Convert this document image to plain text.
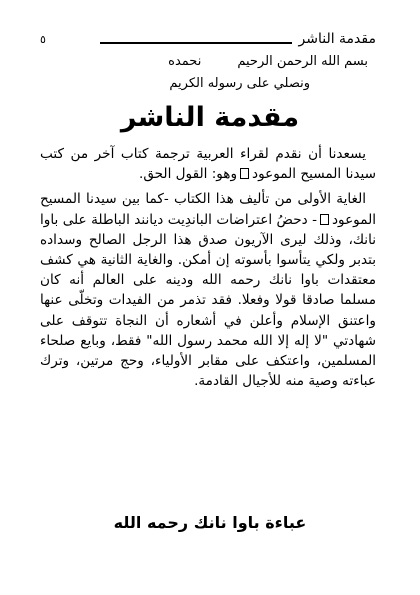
مقدمة الناشر
٥
بسم الله الرحمن الرحيمنحمده
ونصلي على رسوله الكريم
مقدمة الناشر

يسعدنا أن نقدم لقراء العربية ترجمة كتاب آخر من كتب سيدنا المسيح الموعودوهو: القول الحق.

الغاية الأولى من تأليف هذا الكتاب -كما بين سيدنا المسيح الموعود- دحضُ اعتراضات الباندِيت ديانند الباطلة على باوا نانك، وذلك ليرى الآريون صدق هذا الرجل الصالح وسداده بتدبر ولكي يتأسوا بأسوته إن أمكن. والغاية الثانية هي كشف معتقدات باوا نانك رحمه الله ودينه على العالم أنه كان مسلما صادقا قولا وفعلا. فقد تذمر من الفيدات وتخلّى عنها واعتنق الإسلام وأعلن في أشعاره أن النجاة تتوقف على شهادتي "لا إله إلا الله محمد رسول الله" فقط، وبايع صلحاء المسلمين، واعتكف على مقابر الأولياء، وحج مرتين، وترك عباءته وصية منه للأجيال القادمة.

عباءة باوا نانك رحمه الله
